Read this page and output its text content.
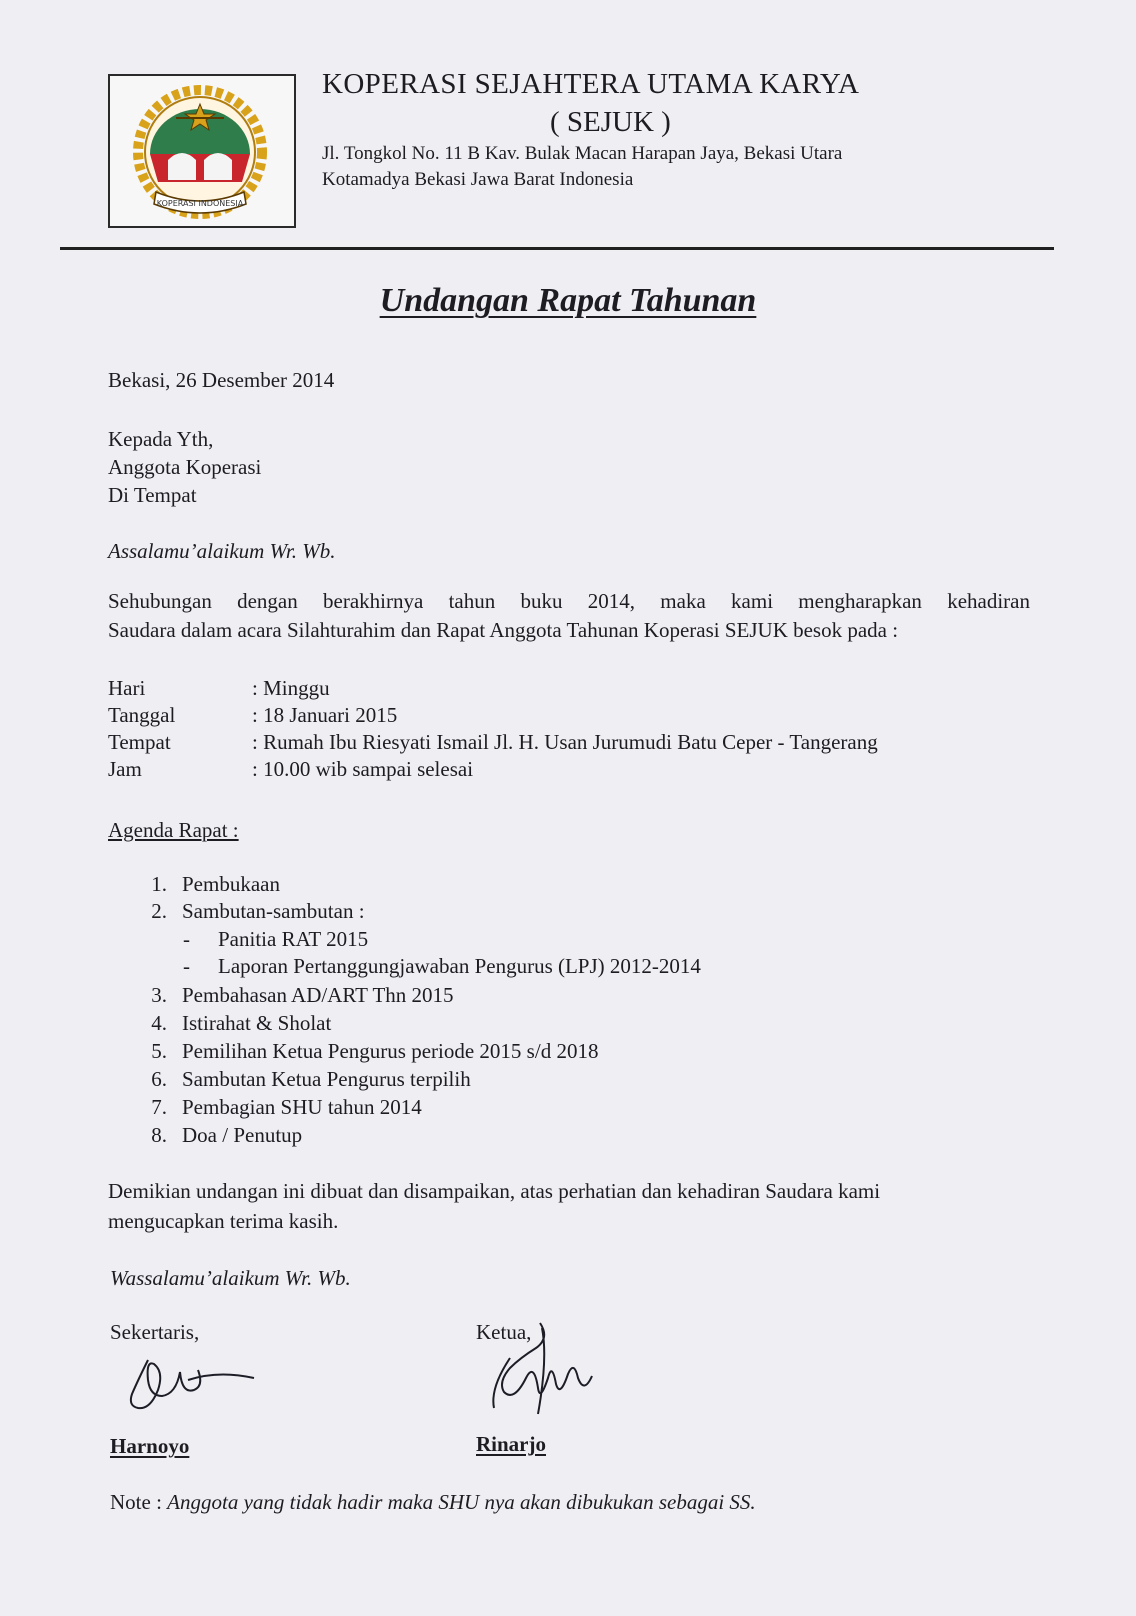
KOPERASI INDONESIA
KOPERASI SEJAHTERA UTAMA KARYA
( SEJUK )
Jl. Tongkol No. 11 B Kav. Bulak Macan Harapan Jaya, Bekasi Utara
Kotamadya Bekasi Jawa Barat Indonesia
Undangan Rapat Tahunan
Bekasi, 26 Desember 2014
Kepada Yth,
Anggota Koperasi
Di Tempat
Assalamu’alaikum Wr. Wb.
Sehubungan dengan berakhirnya tahun buku 2014, maka kami mengharapkan kehadiran
Saudara dalam acara Silahturahim dan Rapat Anggota Tahunan Koperasi SEJUK besok pada :
Hari	: Minggu
Tanggal	: 18 Januari 2015
Tempat	: Rumah Ibu Riesyati Ismail Jl. H. Usan Jurumudi Batu Ceper - Tangerang
Jam	: 10.00 wib sampai selesai
Agenda Rapat :
1. Pembukaan
2. Sambutan-sambutan :
- Panitia RAT 2015
- Laporan Pertanggungjawaban Pengurus (LPJ) 2012-2014
3. Pembahasan AD/ART Thn 2015
4. Istirahat & Sholat
5. Pemilihan Ketua Pengurus periode 2015 s/d 2018
6. Sambutan Ketua Pengurus terpilih
7. Pembagian SHU tahun 2014
8. Doa / Penutup
Demikian undangan ini dibuat dan disampaikan, atas perhatian dan kehadiran Saudara kami
mengucapkan terima kasih.
Wassalamu’alaikum Wr. Wb.
Sekertaris,	Ketua,
Harnoyo	Rinarjo
Note : Anggota yang tidak hadir maka SHU nya akan dibukukan sebagai SS.
